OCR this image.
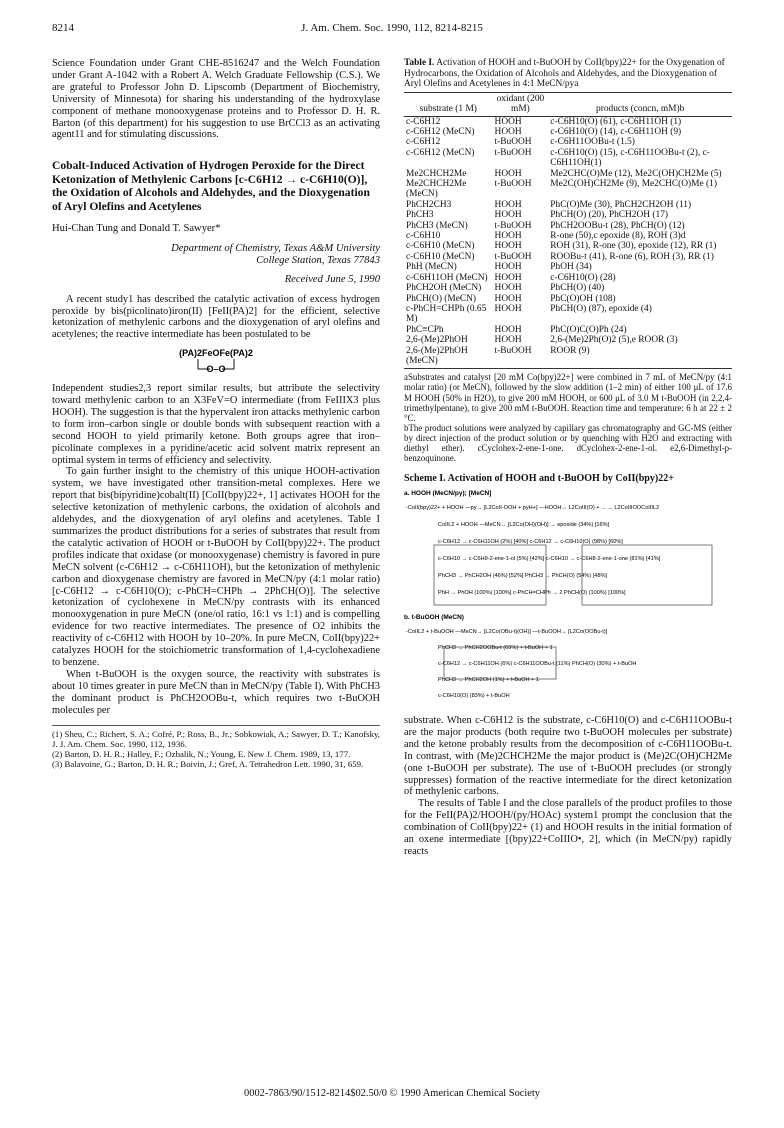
8214	J. Am. Chem. Soc. 1990, 112, 8214-8215

Science Foundation under Grant CHE-8516247 and the Welch Foundation under Grant A-1042 with a Robert A. Welch Graduate Fellowship (C.S.). We are grateful to Professor John D. Lipscomb (Department of Biochemistry, University of Minnesota) for sharing his understanding of the hydroxylase component of methane monooxygenase proteins and to Professor D. H. R. Barton (of this department) for his suggestion to use BrCCl3 as an activating agent11 and for stimulating discussions.

Cobalt-Induced Activation of Hydrogen Peroxide for the Direct Ketonization of Methylenic Carbons [c-C6H12 → c-C6H10(O)], the Oxidation of Alcohols and Aldehydes, and the Dioxygenation of Aryl Olefins and Acetylenes

Hui-Chan Tung and Donald T. Sawyer*

Department of Chemistry, Texas A&M University
College Station, Texas 77843

Received June 5, 1990

A recent study1 has described the catalytic activation of excess hydrogen peroxide by bis(picolinato)iron(II) [FeII(PA)2] for the efficient, selective ketonization of methylenic carbons and the dioxygenation of aryl olefins and acetylenes; the reactive intermediate has been postulated to be

(PA)2FeOFe(PA)2
O–O

Independent studies2,3 report similar results, but attribute the selectivity toward methylenic carbon to an X3FeV=O intermediate (from FeIIIX3 plus HOOH). The suggestion is that the hypervalent iron attacks methylenic carbon to form iron–carbon single or double bonds with subsequent reaction with a second HOOH to yield primarily ketone. Both groups agree that iron–picolinate complexes in a pyridine/acetic acid solvent matrix represent an optimal system in terms of efficiency and selectivity.

To gain further insight to the chemistry of this unique HOOH-activation system, we have investigated other transition-metal complexes. Here we report that bis(bipyridine)cobalt(II) [CoII(bpy)22+, 1] activates HOOH for the selective ketonization of methylenic carbons, the oxidation of alcohols and aldehydes, and the dioxygenation of aryl olefins and acetylenes. Table I summarizes the product distributions for a series of substrates that result from the catalytic activation of HOOH or t-BuOOH by CoII(bpy)22+. The product profiles indicate that oxidase (or monooxygenase) chemistry is favored in pure MeCN solvent (c-C6H12 → c-C6H11OH), but the ketonization of methylenic carbon and dioxygenase chemistry are favored in MeCN/py (4:1 molar ratio) [c-C6H12 → c-C6H10(O); c-PhCH=CHPh → 2PhCH(O)]. The selective ketonization of cyclohexene in MeCN/py contrasts with its enhanced monooxygenation in pure MeCN (one/ol ratio, 16:1 vs 1:1) and is compelling evidence for two reactive intermediates. The presence of O2 inhibits the reactivity of c-C6H12 with HOOH by 10–20%. In pure MeCN, CoII(bpy)22+ catalyzes HOOH for the stoichiometric transformation of 1,4-cyclohexadiene to benzene.

When t-BuOOH is the oxygen source, the reactivity with substrates is about 10 times greater in pure MeCN than in MeCN/py (Table I). With PhCH3 the dominant product is PhCH2OOBu-t, which requires two t-BuOOH molecules per

(1) Sheu, C.; Richert, S. A.; Cofré, P.; Ross, B., Jr.; Sobkowiak, A.; Sawyer, D. T.; Kanofsky, J. J. Am. Chem. Soc. 1990, 112, 1936.

(2) Barton, D. H. R.; Halley, F.; Ozbalik, N.; Young, E. New J. Chem. 1989, 13, 177.

(3) Balavoine, G.; Barton, D. H. R.; Boivin, J.; Gref, A. Tetrahedron Lett. 1990, 31, 659.

Table I. Activation of HOOH and t-BuOOH by CoII(bpy)22+ for the Oxygenation of Hydrocarbons, the Oxidation of Alcohols and Aldehydes, and the Dioxygenation of Aryl Olefins and Acetylenes in 4:1 MeCN/pya

substrate (1 M)	oxidant (200 mM)	products (concn, mM)b
c-C6H12	HOOH	c-C6H10(O) (61), c-C6H11OH (1)
c-C6H12 (MeCN)	HOOH	c-C6H10(O) (14), c-C6H11OH (9)
c-C6H12	t-BuOOH	c-C6H11OOBu-t (1.5)
c-C6H12 (MeCN)	t-BuOOH	c-C6H10(O) (15), c-C6H11OOBu-t (2), c-C6H11OH(1)
Me2CHCH2Me	HOOH	Me2CHC(O)Me (12), Me2C(OH)CH2Me (5)
Me2CHCH2Me (MeCN)	t-BuOOH	Me2C(OH)CH2Me (9), Me2CHC(O)Me (1)
PhCH2CH3	HOOH	PhC(O)Me (30), PhCH2CH2OH (11)
PhCH3	HOOH	PhCH(O) (20), PhCH2OH (17)
PhCH3 (MeCN)	t-BuOOH	PhCH2OOBu-t (28), PhCH(O) (12)
c-C6H10	HOOH	R-one (50),c epoxide (8), ROH (3)d
c-C6H10 (MeCN)	HOOH	ROH (31), R-one (30), epoxide (12), RR (1)
c-C6H10 (MeCN)	t-BuOOH	ROOBu-t (41), R-one (6), ROH (3), RR (1)
PhH (MeCN)	HOOH	PhOH (34)
c-C6H11OH (MeCN)	HOOH	c-C6H10(O) (28)
PhCH2OH (MeCN)	HOOH	PhCH(O) (40)
PhCH(O) (MeCN)	HOOH	PhC(O)OH (108)
c-PhCH=CHPh (0.65 M)	HOOH	PhCH(O) (87), epoxide (4)
PhC≡CPh	HOOH	PhC(O)C(O)Ph (24)
2,6-(Me)2PhOH	HOOH	2,6-(Me)2Ph(O)2 (5),e ROOR (3)
2,6-(Me)2PhOH (MeCN)	t-BuOOH	ROOR (9)

aSubstrates and catalyst [20 mM Co(bpy)22+] were combined in 7 mL of MeCN/py (4:1 molar ratio) (or MeCN), followed by the slow addition (1–2 min) of either 100 μL of 17.6 M HOOH (50% in H2O), to give 200 mM HOOH, or 600 μL of 3.0 M t-BuOOH (in 2,2,4-trimethylpentane), to give 200 mM t-BuOOH. Reaction time and temperature: 6 h at 22 ± 2 °C.

bThe product solutions were analyzed by capillary gas chromatography and GC-MS (either by direct injection of the product solution or by quenching with H2O and extracting with diethyl ether). cCyclohex-2-ene-1-one. dCyclohex-2-ene-1-ol. e2,6-Dimethyl-p-benzoquinone.

Scheme I. Activation of HOOH and t-BuOOH by CoII(bpy)22+

a. HOOH (MeCN/py); [MeCN]
-CoII(bpy)22+ + HOOH —py→ [L2CoII-OOH + pyH+] —HOOH→ L2CoIII(O) + ... → L2CoIIIOOCoIIIL2
CoIIL2 + HOOH —MeCN→ [L2Co(OH)(OH)] → epoxide (34%) [16%]
c-C6H12 → c-C6H11OH (2%) [40%] c-C6H12 → c-C6H10(O) (98%) [60%]
c-C6H10 → c-C6H9-2-ene-1-ol (5%) [42%] c-C6H10 → c-C6H8-2-ene-1-one (81%) [41%]
PhCH3 → PhCH2OH (46%) [52%] PhCH3 → PhCH(O) (54%) [48%]
PhH → PhOH (100%) [100%] c-PhCH=CHPh → 2 PhCH(O) (100%) [100%]
b. t-BuOOH (MeCN)
-CoIIL2 + t-BuOOH —MeCN→ [L2Co(OBu-t)(OH)] —t-BuOOH→ [L2Co(OOBu-t)]
PhCH3 → PhCH2OOBu-t (69%) + t-BuOH + 1
c-C6H12 → c-C6H11OH (6%) c-C6H11OOBu-t (11%) PhCH(O) (30%) + t-BuOH
PhCH3 → PhCH2OH (1%) + t-BuOH + 1
c-C6H10(O) (83%) + t-BuOH

substrate. When c-C6H12 is the substrate, c-C6H10(O) and c-C6H11OOBu-t are the major products (both require two t-BuOOH molecules per substrate) and the ketone probably results from the decomposition of c-C6H11OOBu-t. In contrast, with (Me)2CHCH2Me the major product is (Me)2C(OH)CH2Me (one t-BuOOH per substrate). The use of t-BuOOH precludes (or strongly suppresses) formation of the reactive intermediate for the direct ketonization of methylenic carbons.

The results of Table I and the close parallels of the product profiles to those for the FeII(PA)2/HOOH/(py/HOAc) system1 prompt the conclusion that the combination of CoII(bpy)22+ (1) and HOOH results in the initial formation of an oxene intermediate [(bpy)22+CoIIIO•, 2], which (in MeCN/py) rapidly reacts

0002-7863/90/1512-8214$02.50/0 © 1990 American Chemical Society
